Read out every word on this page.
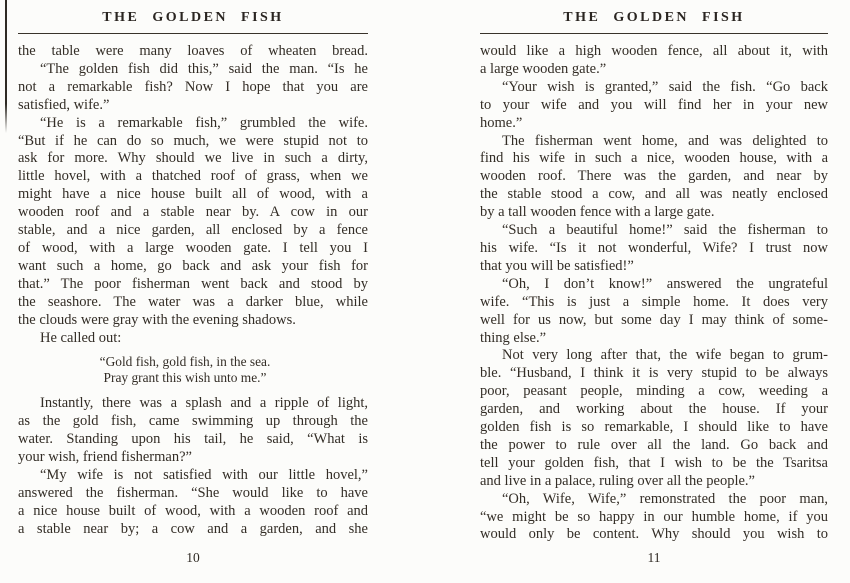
THE GOLDEN FISH
the table were many loaves of wheaten bread.
“The golden fish did this,” said the man. “Is he
not a remarkable fish? Now I hope that you are
satisfied, wife.”
“He is a remarkable fish,” grumbled the wife.
“But if he can do so much, we were stupid not to
ask for more. Why should we live in such a dirty,
little hovel, with a thatched roof of grass, when we
might have a nice house built all of wood, with a
wooden roof and a stable near by. A cow in our
stable, and a nice garden, all enclosed by a fence
of wood, with a large wooden gate. I tell you I
want such a home, go back and ask your fish for
that.” The poor fisherman went back and stood by
the seashore. The water was a darker blue, while
the clouds were gray with the evening shadows.
He called out:
“Gold fish, gold fish, in the sea.
Pray grant this wish unto me.”
Instantly, there was a splash and a ripple of light,
as the gold fish, came swimming up through the
water. Standing upon his tail, he said, “What is
your wish, friend fisherman?”
“My wife is not satisfied with our little hovel,”
answered the fisherman. “She would like to have
a nice house built of wood, with a wooden roof and
a stable near by; a cow and a garden, and she
10
THE GOLDEN FISH
would like a high wooden fence, all about it, with
a large wooden gate.”
“Your wish is granted,” said the fish. “Go back
to your wife and you will find her in your new
home.”
The fisherman went home, and was delighted to
find his wife in such a nice, wooden house, with a
wooden roof. There was the garden, and near by
the stable stood a cow, and all was neatly enclosed
by a tall wooden fence with a large gate.
“Such a beautiful home!” said the fisherman to
his wife. “Is it not wonderful, Wife? I trust now
that you will be satisfied!”
“Oh, I don’t know!” answered the ungrateful
wife. “This is just a simple home. It does very
well for us now, but some day I may think of some-
thing else.”
Not very long after that, the wife began to grum-
ble. “Husband, I think it is very stupid to be always
poor, peasant people, minding a cow, weeding a
garden, and working about the house. If your
golden fish is so remarkable, I should like to have
the power to rule over all the land. Go back and
tell your golden fish, that I wish to be the Tsaritsa
and live in a palace, ruling over all the people.”
“Oh, Wife, Wife,” remonstrated the poor man,
“we might be so happy in our humble home, if you
would only be content. Why should you wish to
11
